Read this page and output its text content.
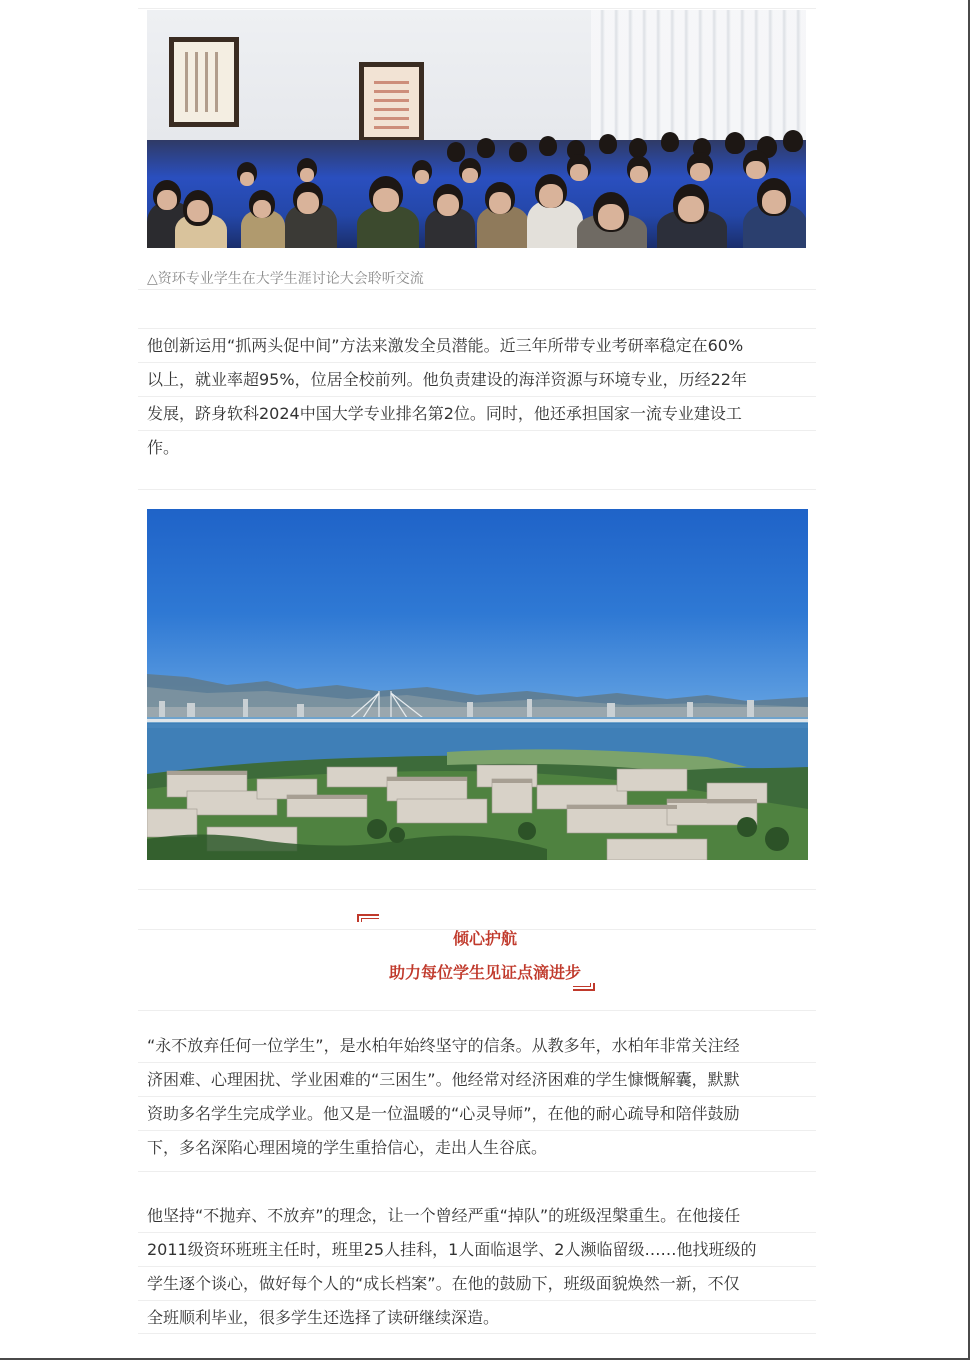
△资环专业学生在大学生涯讨论大会聆听交流
他创新运用“抓两头促中间”方法来激发全员潜能。近三年所带专业考研率稳定在60%
以上，就业率超95%，位居全校前列。他负责建设的海洋资源与环境专业，历经22年
发展，跻身软科2024中国大学专业排名第2位。同时，他还承担国家一流专业建设工
作。
倾心护航
助力每位学生见证点滴进步
“永不放弃任何一位学生”，是水柏年始终坚守的信条。从教多年，水柏年非常关注经
济困难、心理困扰、学业困难的“三困生”。他经常对经济困难的学生慷慨解囊，默默
资助多名学生完成学业。他又是一位温暖的“心灵导师”，在他的耐心疏导和陪伴鼓励
下，多名深陷心理困境的学生重拾信心，走出人生谷底。
他坚持“不抛弃、不放弃”的理念，让一个曾经严重“掉队”的班级涅槃重生。在他接任
2011级资环班班主任时，班里25人挂科，1人面临退学、2人濒临留级……他找班级的
学生逐个谈心，做好每个人的“成长档案”。在他的鼓励下，班级面貌焕然一新，不仅
全班顺利毕业，很多学生还选择了读研继续深造。
